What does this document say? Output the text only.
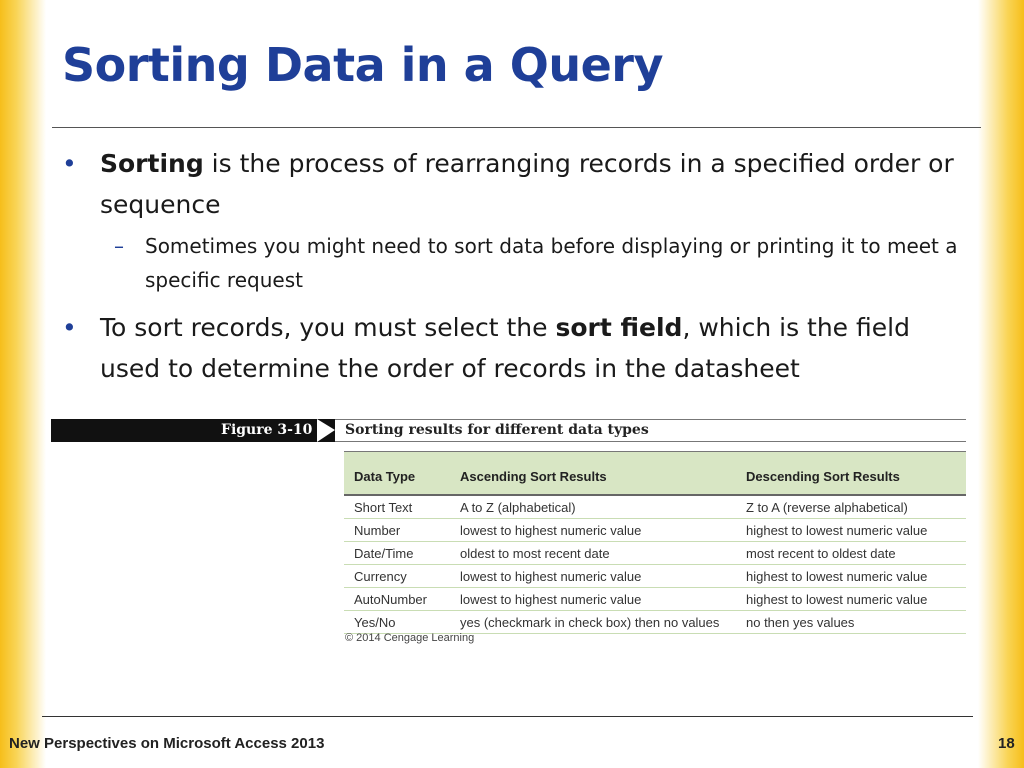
Sorting Data in a Query
• Sorting is the process of rearranging records in a specified order or sequence
– Sometimes you might need to sort data before displaying or printing it to meet a specific request
• To sort records, you must select the sort field, which is the field used to determine the order of records in the datasheet
Figure 3-10 Sorting results for different data types
Data Type	Ascending Sort Results	Descending Sort Results
Short Text	A to Z (alphabetical)	Z to A (reverse alphabetical)
Number	lowest to highest numeric value	highest to lowest numeric value
Date/Time	oldest to most recent date	most recent to oldest date
Currency	lowest to highest numeric value	highest to lowest numeric value
AutoNumber	lowest to highest numeric value	highest to lowest numeric value
Yes/No	yes (checkmark in check box) then no values	no then yes values
© 2014 Cengage Learning
New Perspectives on Microsoft Access 2013	18
